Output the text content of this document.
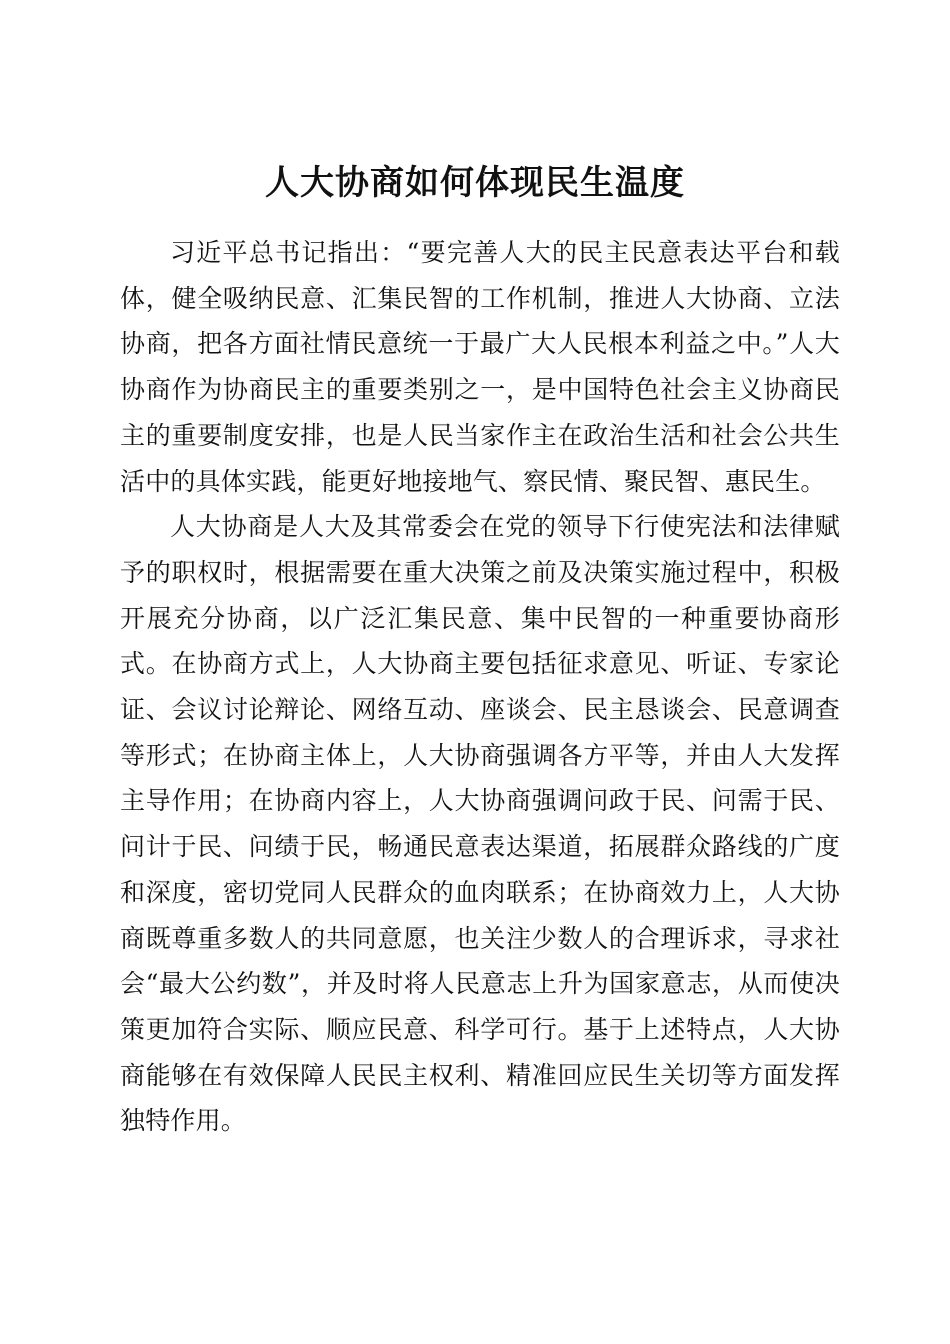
人大协商如何体现民生温度

习近平总书记指出：“要完善人大的民主民意表达平台和载体，健全吸纳民意、汇集民智的工作机制，推进人大协商、立法协商，把各方面社情民意统一于最广大人民根本利益之中。”人大协商作为协商民主的重要类别之一，是中国特色社会主义协商民主的重要制度安排，也是人民当家作主在政治生活和社会公共生活中的具体实践，能更好地接地气、察民情、聚民智、惠民生。

人大协商是人大及其常委会在党的领导下行使宪法和法律赋予的职权时，根据需要在重大决策之前及决策实施过程中，积极开展充分协商，以广泛汇集民意、集中民智的一种重要协商形式。在协商方式上，人大协商主要包括征求意见、听证、专家论证、会议讨论辩论、网络互动、座谈会、民主恳谈会、民意调查等形式；在协商主体上，人大协商强调各方平等，并由人大发挥主导作用；在协商内容上，人大协商强调问政于民、问需于民、问计于民、问绩于民，畅通民意表达渠道，拓展群众路线的广度和深度，密切党同人民群众的血肉联系；在协商效力上，人大协商既尊重多数人的共同意愿，也关注少数人的合理诉求，寻求社会“最大公约数”，并及时将人民意志上升为国家意志，从而使决策更加符合实际、顺应民意、科学可行。基于上述特点，人大协商能够在有效保障人民民主权利、精准回应民生关切等方面发挥独特作用。
